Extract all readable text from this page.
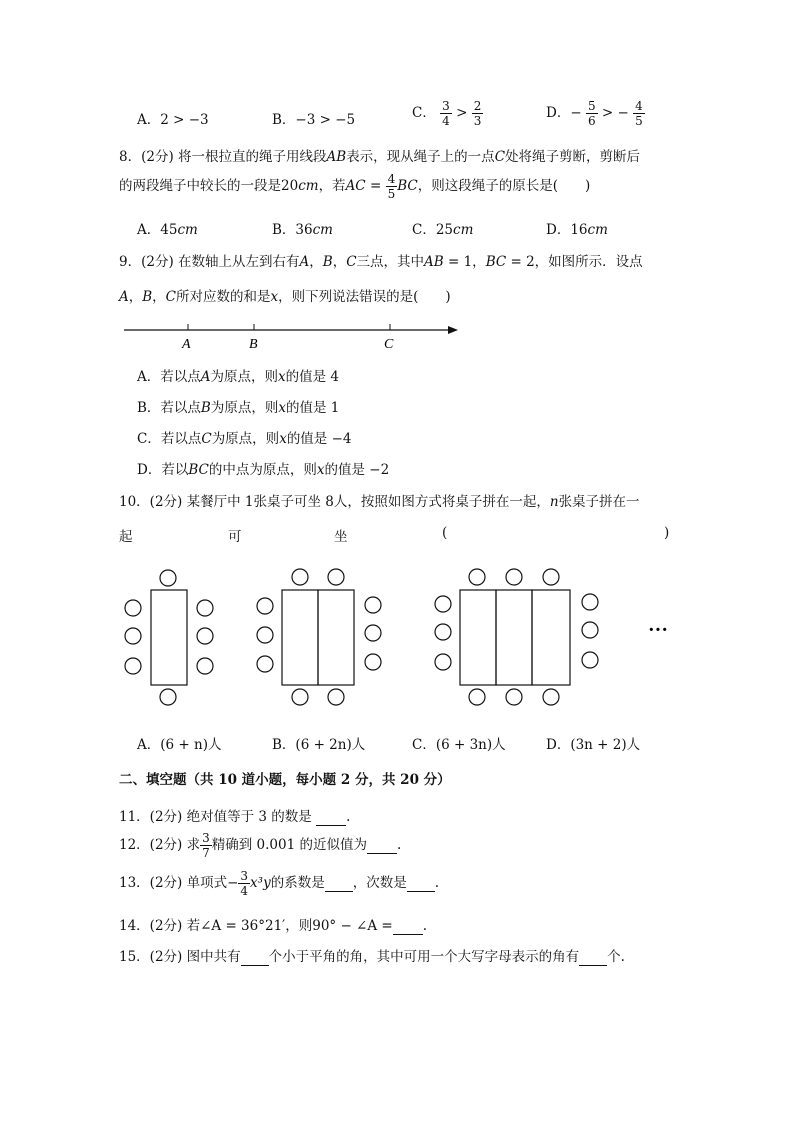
A．2 > −3	B．−3 > −5	C． $\frac{3}{4} > \frac{2}{3}$	D．− $\frac{5}{6}$ > − $\frac{4}{5}$
8．(2分) 将一根拉直的绳子用线段AB表示，现从绳子上的一点C处将绳子剪断，剪断后
的两段绳子中较长的一段是20cm，若AC = $\frac{4}{5}$ BC，则这段绳子的原长是(　　)
A．45cm	B．36cm	C．25cm	D．16cm
9．(2分) 在数轴上从左到右有A，B，C三点，其中AB = 1，BC = 2，如图所示．设点
A，B，C所对应数的和是x，则下列说法错误的是(　　)
A	B	C
A．若以点A为原点，则x的值是 4
B．若以点B为原点，则x的值是 1
C．若以点C为原点，则x的值是 −4
D．若以BC的中点为原点，则x的值是 −2
10．(2分) 某餐厅中 1张桌子可坐 8人，按照如图方式将桌子拼在一起，n张桌子拼在一
起	可	坐	(	)
···
A．(6 + n)人	B．(6 + 2n)人	C．(6 + 3n)人	D．(3n + 2)人
二、填空题（共 10 道小题，每小题 2 分，共 20 分）
11．(2分) 绝对值等于 3 的数是  .
12．(2分) 求 $\frac{3}{7}$ 精确到 0.001 的近似值为 .
13．(2分) 单项式− $\frac{3}{4} x^3y$的系数是 ，次数是 .
14．(2分) 若∠A = 36°21′，则90° − ∠A = .
15．(2分) 图中共有 个小于平角的角，其中可用一个大写字母表示的角有 个.
